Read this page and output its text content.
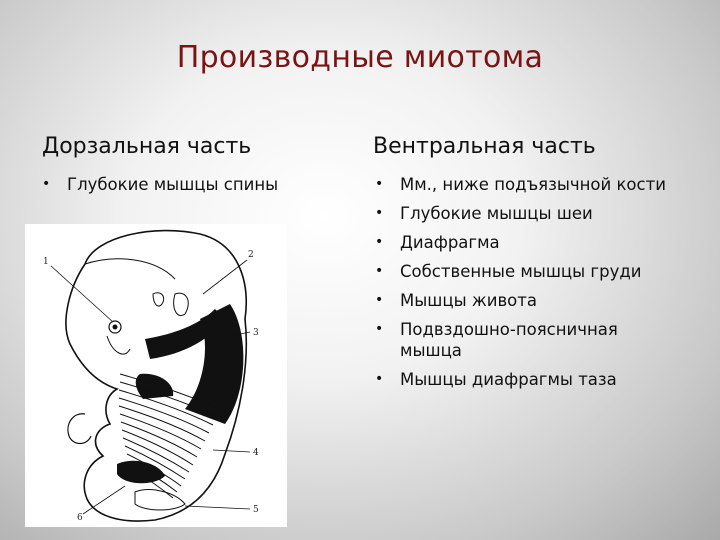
Производные миотома
Дорзальная часть
• Глубокие мышцы спины
Вентральная часть
• Мм., ниже подъязычной кости
• Глубокие мышцы шеи
• Диафрагма
• Собственные мышцы груди
• Мышцы живота
• Подвздошно-поясничная мышца
• Мышцы диафрагмы таза
1
2
3
4
5
6
